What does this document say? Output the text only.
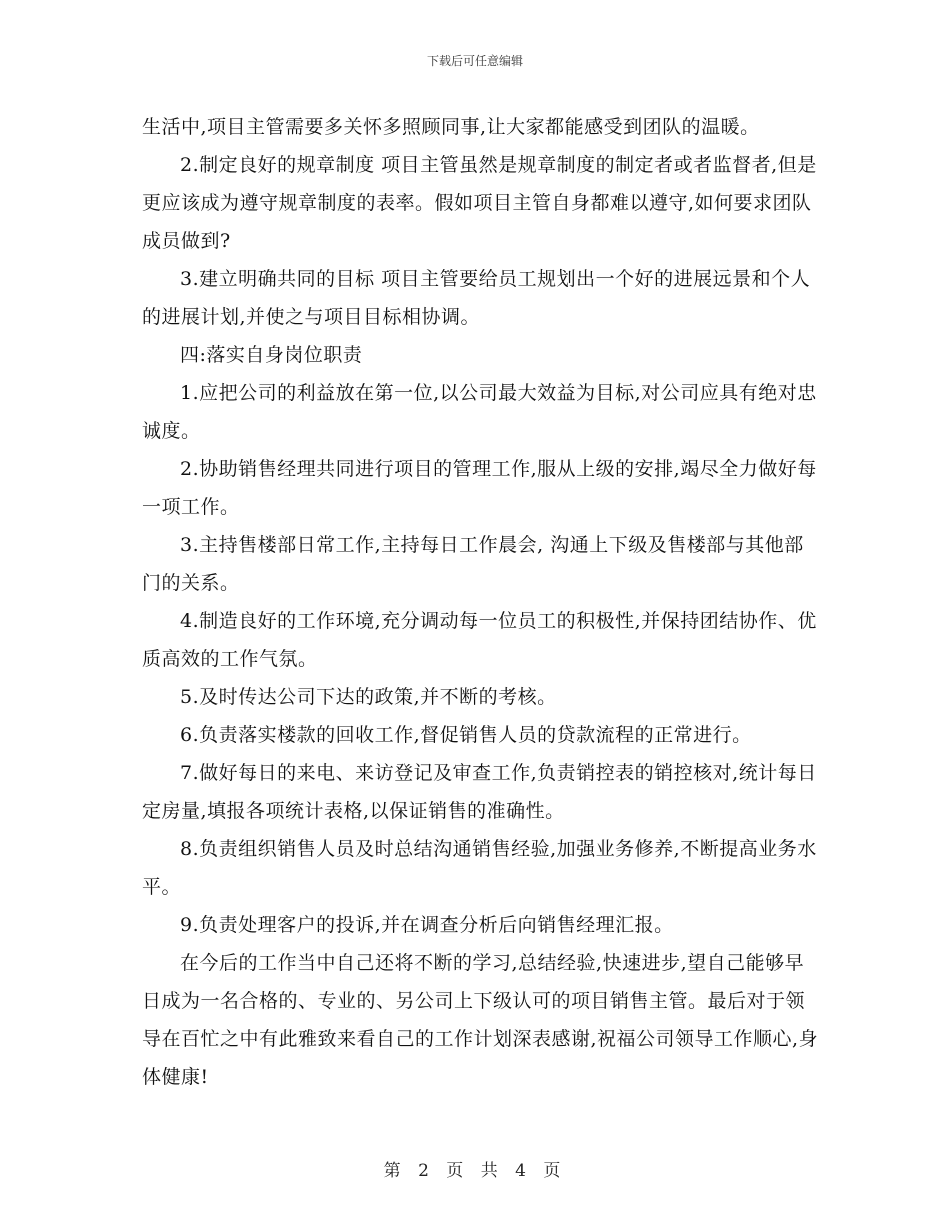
下载后可任意编辑

生活中,项目主管需要多关怀多照顾同事,让大家都能感受到团队的温暖。

2.制定良好的规章制度 项目主管虽然是规章制度的制定者或者监督者,但是更应该成为遵守规章制度的表率。假如项目主管自身都难以遵守,如何要求团队成员做到?

3.建立明确共同的目标 项目主管要给员工规划出一个好的进展远景和个人的进展计划,并使之与项目目标相协调。

四:落实自身岗位职责

1.应把公司的利益放在第一位,以公司最大效益为目标,对公司应具有绝对忠诚度。

2.协助销售经理共同进行项目的管理工作,服从上级的安排,竭尽全力做好每一项工作。

3.主持售楼部日常工作,主持每日工作晨会, 沟通上下级及售楼部与其他部门的关系。

4.制造良好的工作环境,充分调动每一位员工的积极性,并保持团结协作、优质高效的工作气氛。

5.及时传达公司下达的政策,并不断的考核。

6.负责落实楼款的回收工作,督促销售人员的贷款流程的正常进行。

7.做好每日的来电、来访登记及审查工作,负责销控表的销控核对,统计每日定房量,填报各项统计表格,以保证销售的准确性。

8.负责组织销售人员及时总结沟通销售经验,加强业务修养,不断提高业务水平。

9.负责处理客户的投诉,并在调查分析后向销售经理汇报。

在今后的工作当中自己还将不断的学习,总结经验,快速进步,望自己能够早日成为一名合格的、专业的、另公司上下级认可的项目销售主管。最后对于领导在百忙之中有此雅致来看自己的工作计划深表感谢,祝福公司领导工作顺心,身体健康!

第 2 页 共 4 页
